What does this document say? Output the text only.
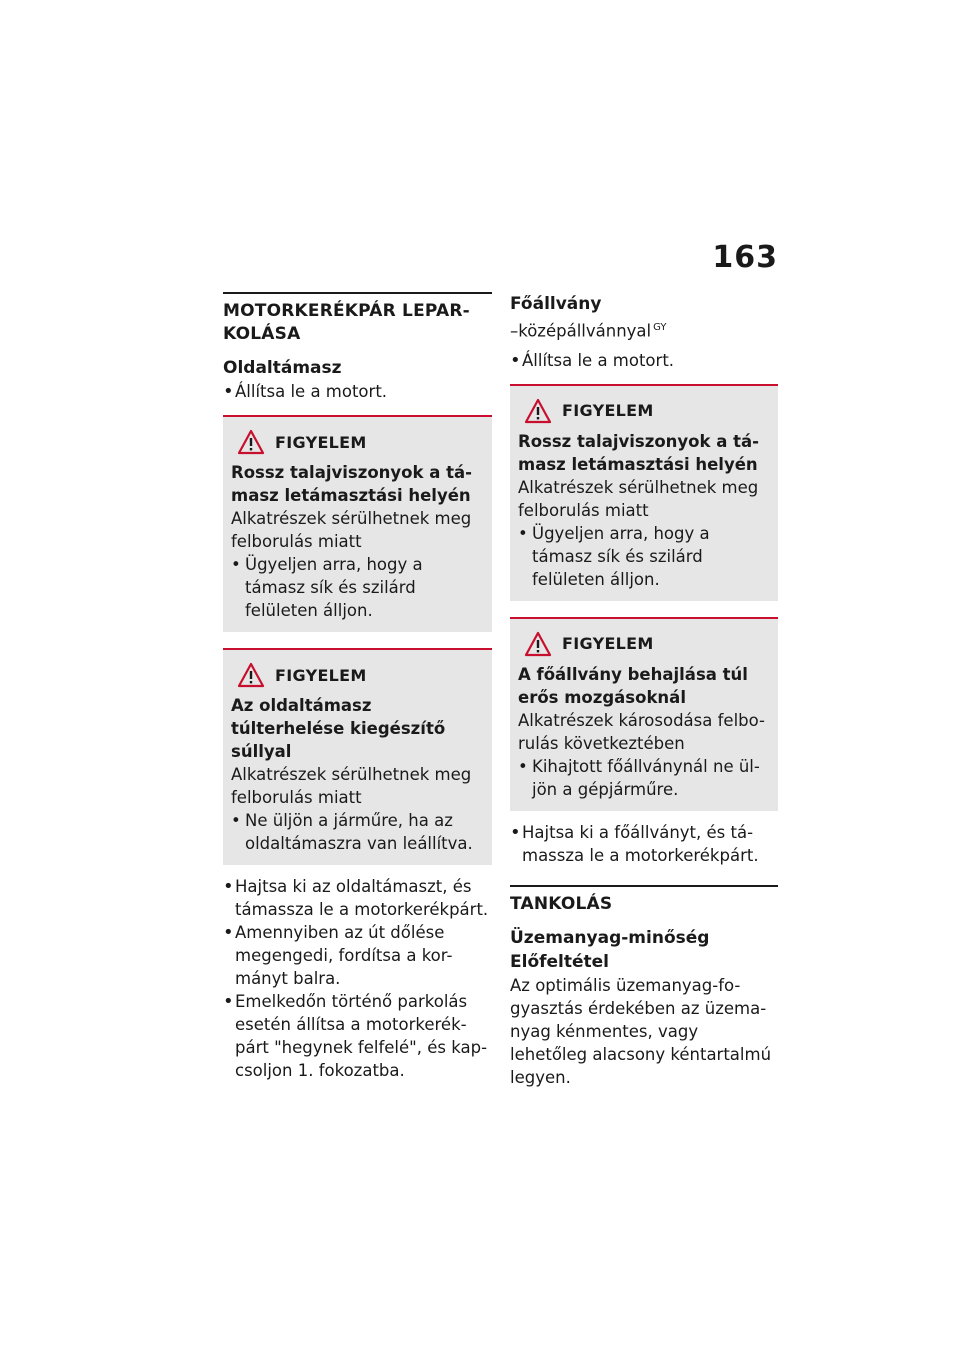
163
MOTORKERÉKPÁR LEPAR-KOLÁSA
Oldaltámasz
• Állítsa le a motort.
FIGYELEM
Rossz talajviszonyok a tá-masz letámasztási helyén
Alkatrészek sérülhetnek meg felborulás miatt
• Ügyeljen arra, hogy a támasz sík és szilárd felületen álljon.
FIGYELEM
Az oldaltámasz túlterhelése kiegészítő súllyal
Alkatrészek sérülhetnek meg felborulás miatt
• Ne üljön a járműre, ha az oldaltámaszra van leállítva.
• Hajtsa ki az oldaltámaszt, és támassza le a motorkerékpárt.
• Amennyiben az út dőlése megengedi, fordítsa a kor-mányt balra.
• Emelkedőn történő parkolás esetén állítsa a motorkerék-párt "hegynek felfelé", és kap-csoljon 1. fokozatba.
Főállvány
–középállvánnyal $^{GY}$
• Állítsa le a motort.
FIGYELEM
Rossz talajviszonyok a tá-masz letámasztási helyén
Alkatrészek sérülhetnek meg felborulás miatt
• Ügyeljen arra, hogy a támasz sík és szilárd felületen álljon.
FIGYELEM
A főállvány behajlása túl erős mozgásoknál
Alkatrészek károsodása felbo-rulás következtében
• Kihajtott főállványnál ne ül-jön a gépjárműre.
• Hajtsa ki a főállványt, és tá-massza le a motorkerékpárt.
TANKOLÁS
Üzemanyag-minőség
Előfeltétel
Az optimális üzemanyag-fo-gyasztás érdekében az üzema-nyag kénmentes, vagy lehetőleg alacsony kéntartalmú legyen.
